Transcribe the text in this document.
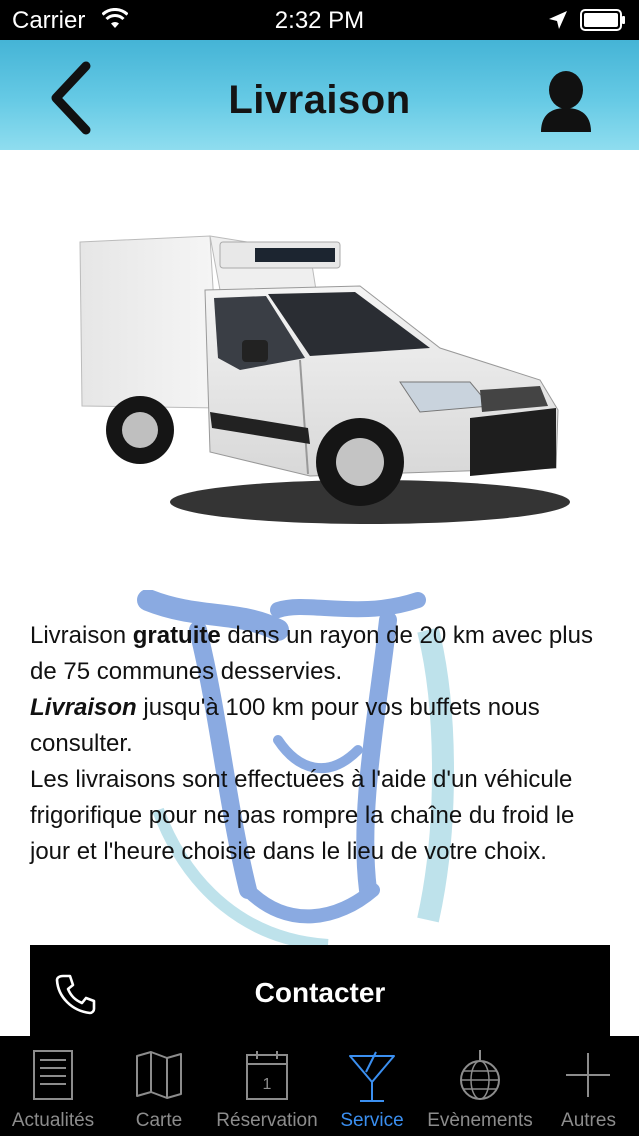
Carrier	2:32 PM
Livraison

Livraison gratuite dans un rayon de 20 km avec plus de 75 communes desservies.

Livraison jusqu'à 100 km pour vos buffets nous consulter.

Les livraisons sont effectuées à l'aide d'un véhicule frigorifique pour ne pas rompre la chaîne du froid le jour et l'heure choisie dans le lieu de votre choix.

Contacter
Actualités	Carte
1
Réservation	Service	Evènements	Autres
